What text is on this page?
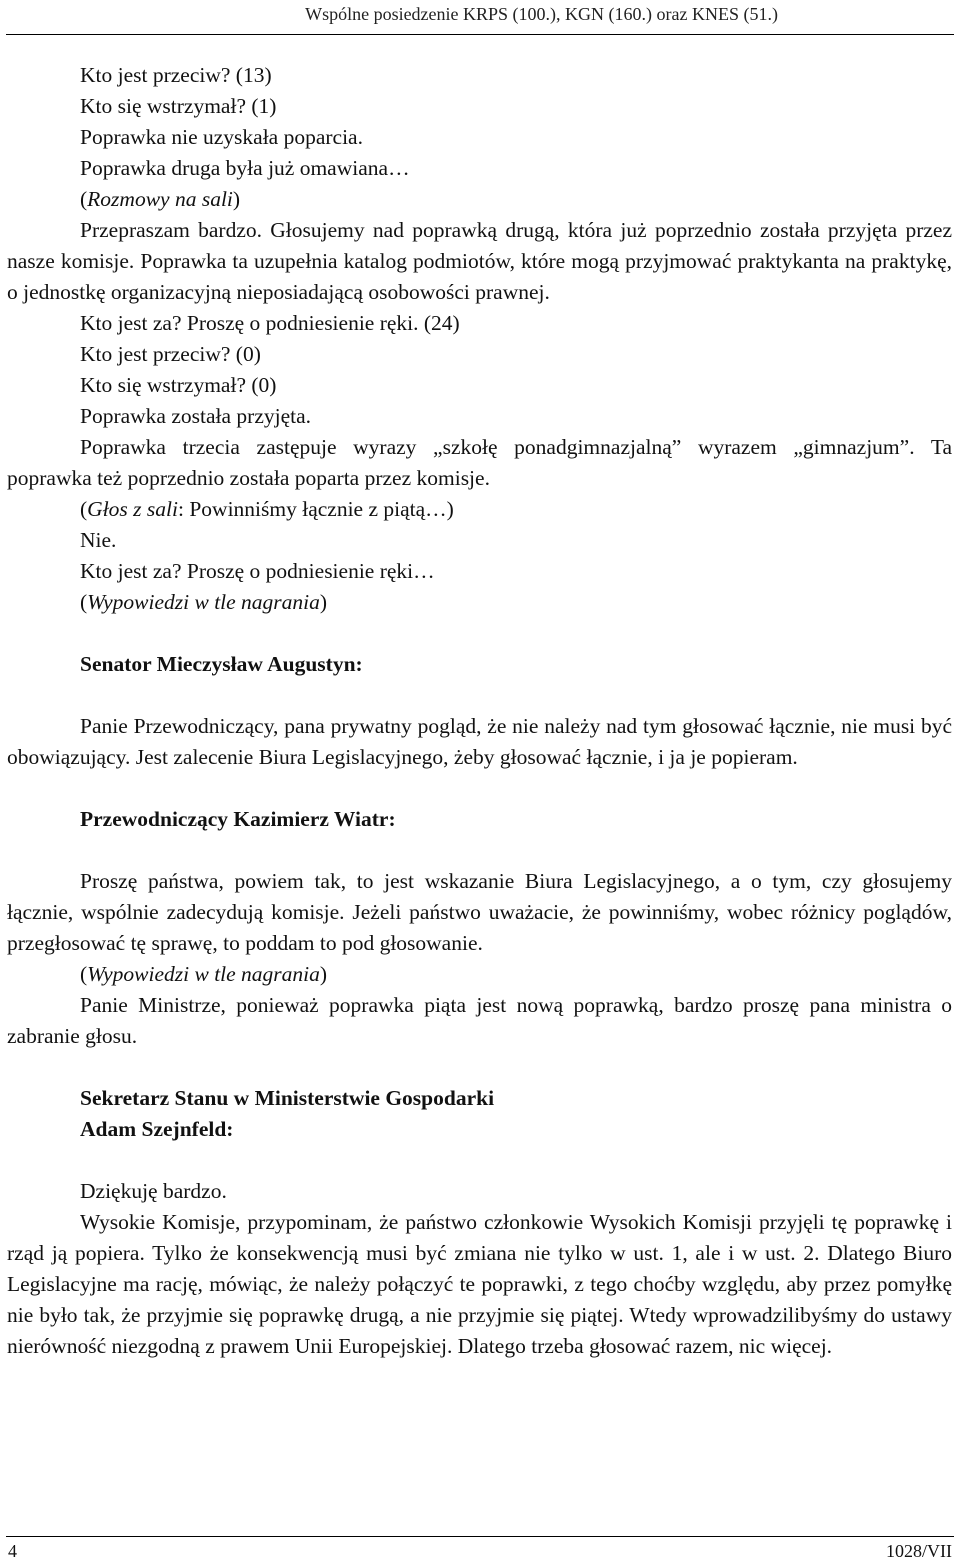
Wspólne posiedzenie KRPS (100.), KGN (160.) oraz KNES (51.)

Kto jest przeciw? (13)

Kto się wstrzymał? (1)

Poprawka nie uzyskała poparcia.

Poprawka druga była już omawiana…

(Rozmowy na sali)

Przepraszam bardzo. Głosujemy nad poprawką drugą, która już poprzednio została przyjęta przez nasze komisje. Poprawka ta uzupełnia katalog podmiotów, które mogą przyjmować praktykanta na praktykę, o jednostkę organizacyjną nieposiadającą osobowości prawnej.

Kto jest za? Proszę o podniesienie ręki. (24)

Kto jest przeciw? (0)

Kto się wstrzymał? (0)

Poprawka została przyjęta.

Poprawka trzecia zastępuje wyrazy „szkołę ponadgimnazjalną” wyrazem „gimnazjum”. Ta poprawka też poprzednio została poparta przez komisje.

(Głos z sali: Powinniśmy łącznie z piątą…)

Nie.

Kto jest za? Proszę o podniesienie ręki…

(Wypowiedzi w tle nagrania)

Senator Mieczysław Augustyn:

Panie Przewodniczący, pana prywatny pogląd, że nie należy nad tym głosować łącznie, nie musi być obowiązujący. Jest zalecenie Biura Legislacyjnego, żeby głosować łącznie, i ja je popieram.

Przewodniczący Kazimierz Wiatr:

Proszę państwa, powiem tak, to jest wskazanie Biura Legislacyjnego, a o tym, czy głosujemy łącznie, wspólnie zadecydują komisje. Jeżeli państwo uważacie, że powinniśmy, wobec różnicy poglądów, przegłosować tę sprawę, to poddam to pod głosowanie.

(Wypowiedzi w tle nagrania)

Panie Ministrze, ponieważ poprawka piąta jest nową poprawką, bardzo proszę pana ministra o zabranie głosu.

Sekretarz Stanu w Ministerstwie Gospodarki
Adam Szejnfeld:

Dziękuję bardzo.

Wysokie Komisje, przypominam, że państwo członkowie Wysokich Komisji przyjęli tę poprawkę i rząd ją popiera. Tylko że konsekwencją musi być zmiana nie tylko w ust. 1, ale i w ust. 2. Dlatego Biuro Legislacyjne ma rację, mówiąc, że należy połączyć te poprawki, z tego choćby względu, aby przez pomyłkę nie było tak, że przyjmie się poprawkę drugą, a nie przyjmie się piątej. Wtedy wprowadzilibyśmy do ustawy nierówność niezgodną z prawem Unii Europejskiej. Dlatego trzeba głosować razem, nic więcej.

4	1028/VII
